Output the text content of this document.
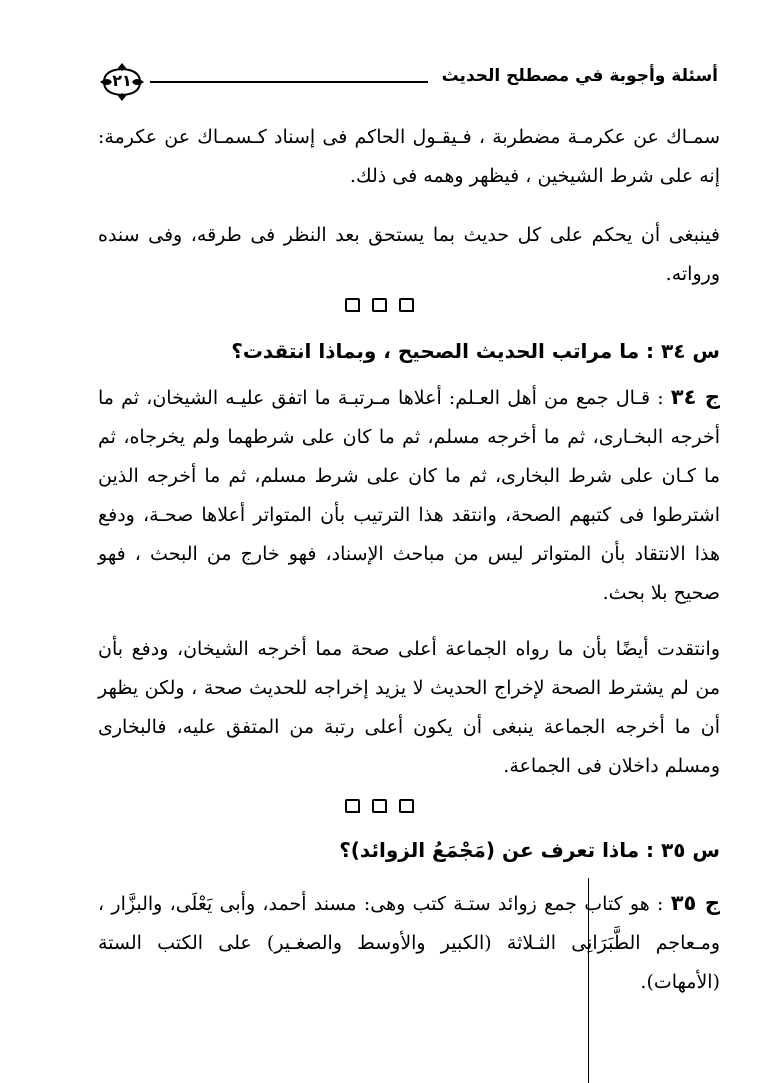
أسئلة وأجوبة في مصطلح الحديث
٢١

سمـاك عن عكرمـة مضطربة ، فـيقـول الحاكم فى إسناد كـسمـاك عن عكرمة: إنه على شرط الشيخين ، فيظهر وهمه فى ذلك.

فينبغى أن يحكم على كل حديث بما يستحق بعد النظر فى طرقه، وفى سنده ورواته.

س ٣٤ : ما مراتب الحديث الصحيح ، وبماذا انتقدت؟

ج ٣٤ : قـال جمع من أهل العـلم: أعلاها مـرتبـة ما اتفق عليـه الشيخان، ثم ما أخرجه البخـارى، ثم ما أخرجه مسلم، ثم ما كان على شرطهما ولم يخرجاه، ثم ما كـان على شرط البخارى، ثم ما كان على شرط مسلم، ثم ما أخرجه الذين اشترطوا فى كتبهم الصحة، وانتقد هذا الترتيب بأن المتواتر أعلاها صحـة، ودفع هذا الانتقاد بأن المتواتر ليس من مباحث الإسناد، فهو خارج من البحث ، فهو صحيح بلا بحث.

وانتقدت أيضًا بأن ما رواه الجماعة أعلى صحة مما أخرجه الشيخان، ودفع بأن من لم يشترط الصحة لإخراج الحديث لا يزيد إخراجه للحديث صحة ، ولكن يظهر أن ما أخرجه الجماعة ينبغى أن يكون أعلى رتبة من المتفق عليه، فالبخارى ومسلم داخلان فى الجماعة.

س ٣٥ : ماذا تعرف عن (مَجْمَعُ الزوائد)؟

ج ٣٥ : هو كتاب جمع زوائد ستـة كتب وهى: مسند أحمد، وأبى يَعْلَى، والبزَّار ، ومـعاجم الطَّبَرَانِى الثـلاثة (الكبير والأوسط والصغـير) على الكتب الستة (الأمهات).
